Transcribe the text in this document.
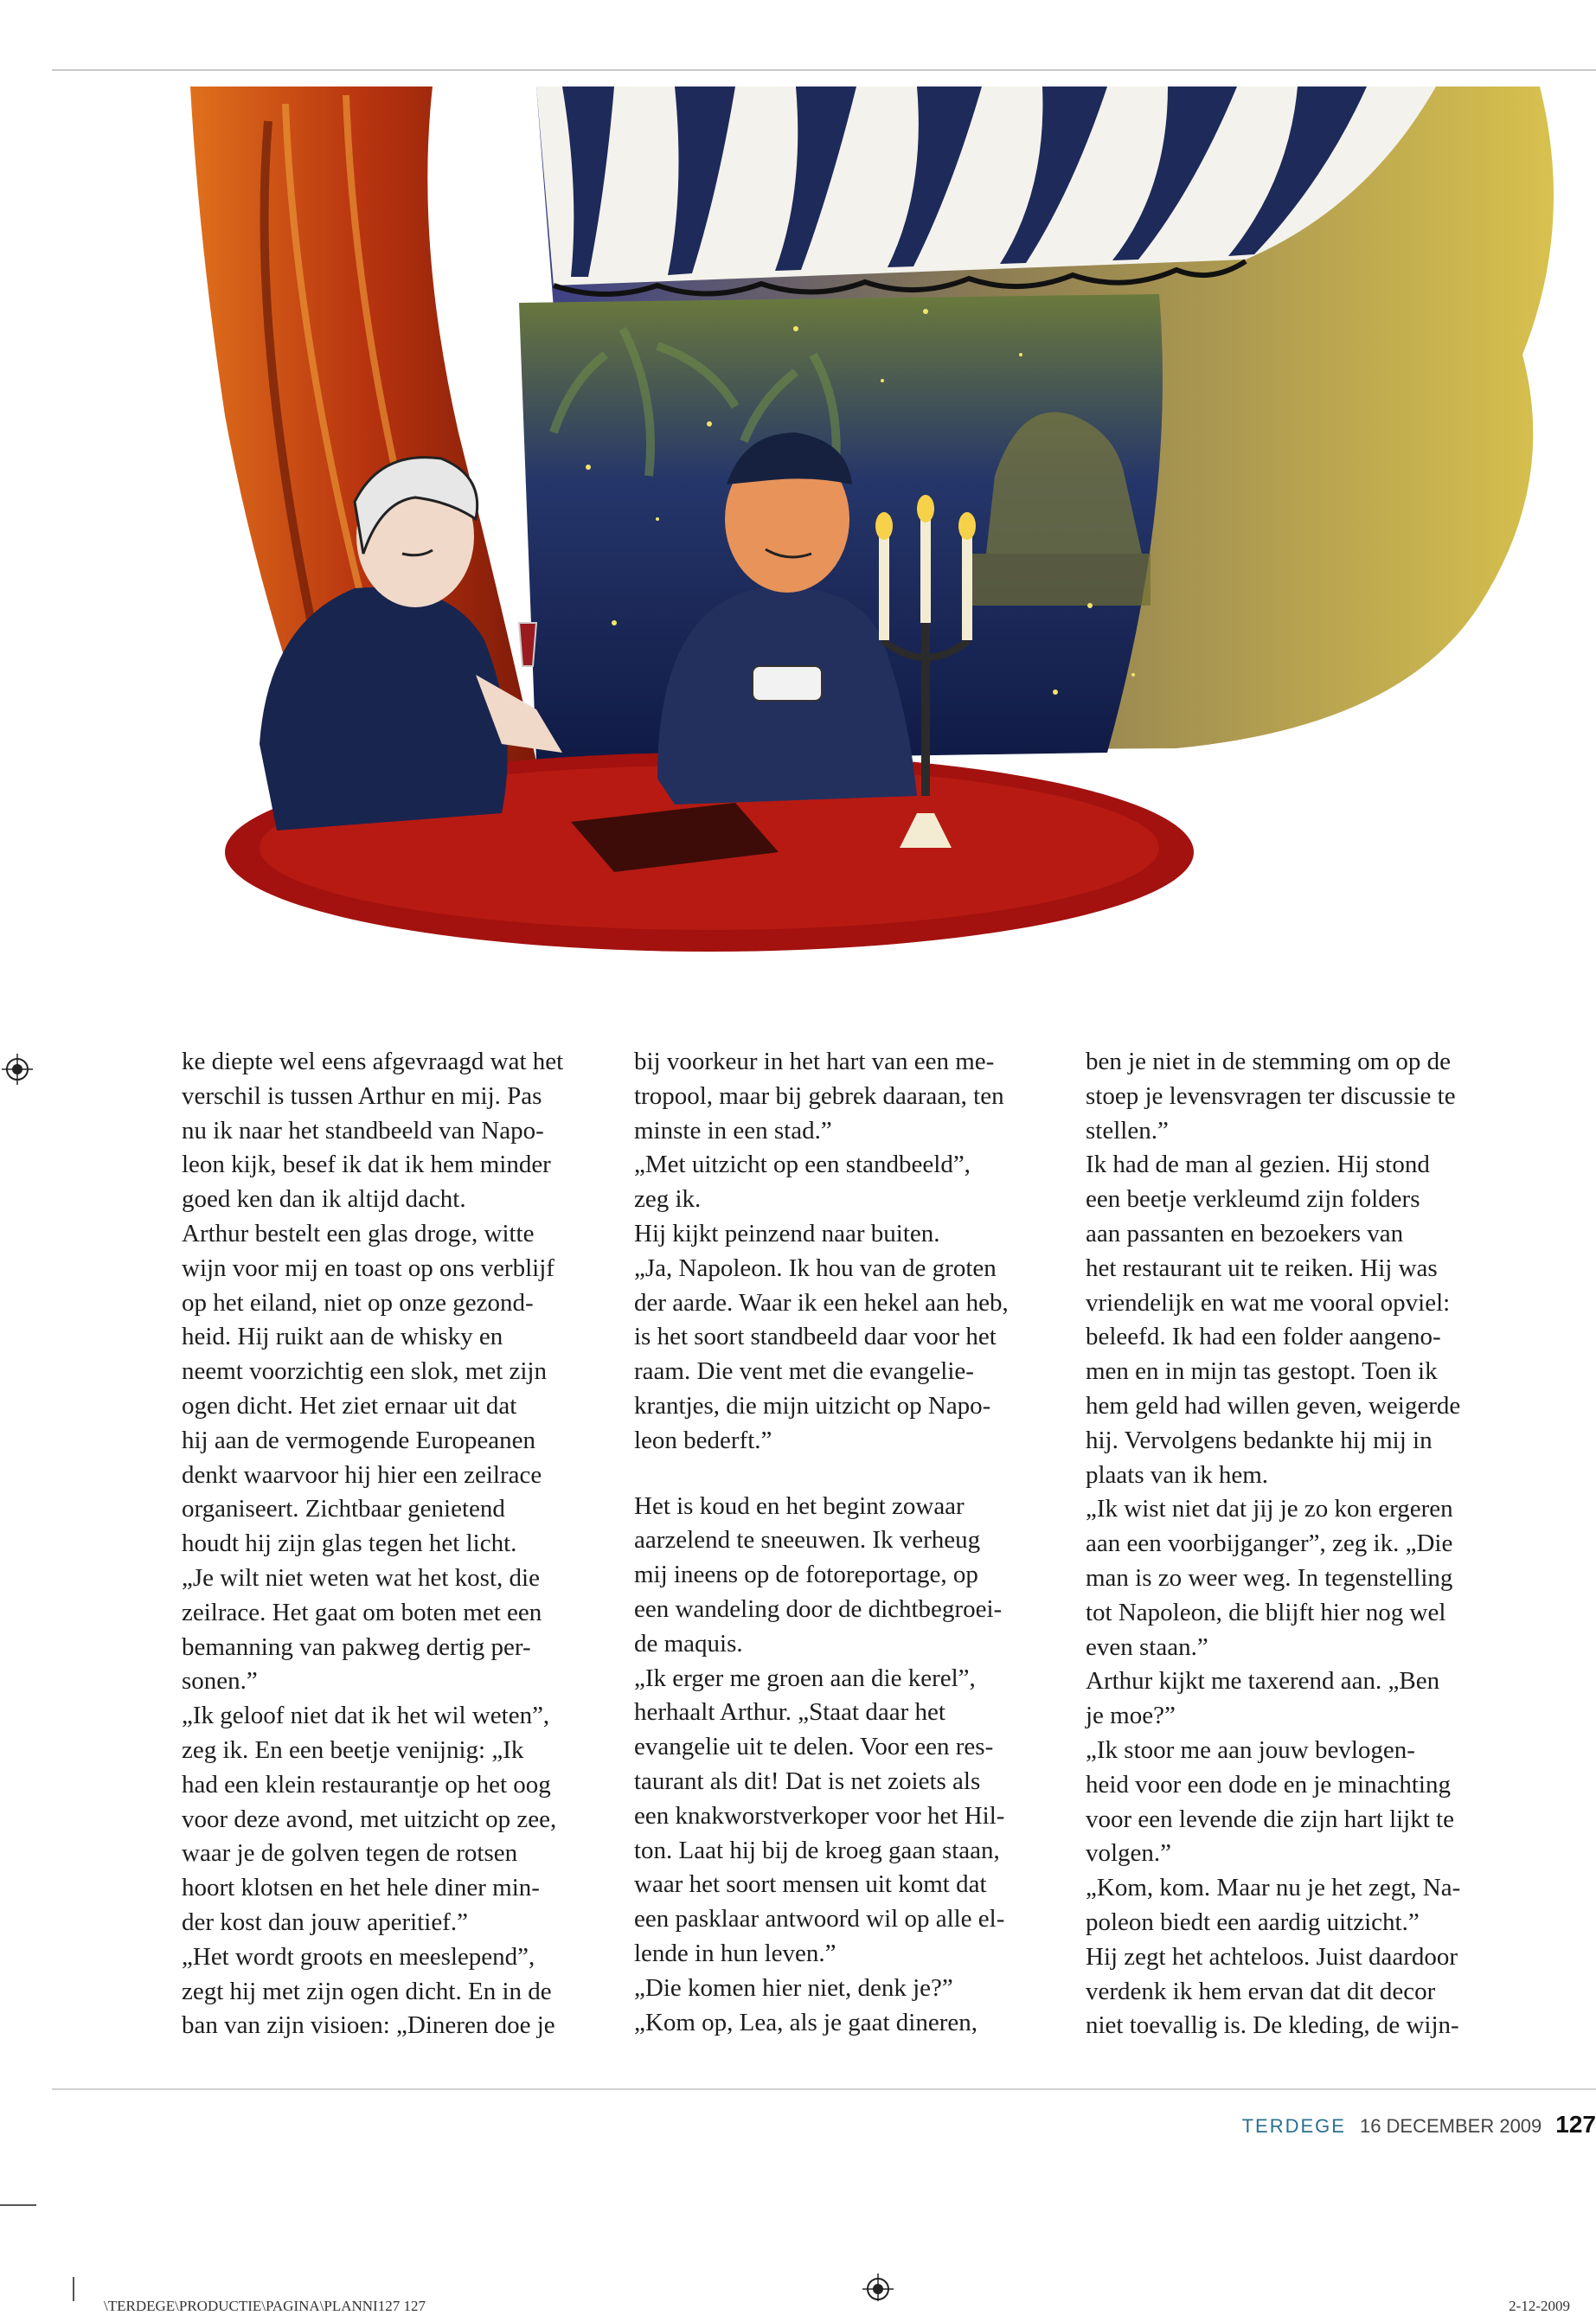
ke diepte wel eens afgevraagd wat het

verschil is tussen Arthur en mij. Pas

nu ik naar het standbeeld van Napo-

leon kijk, besef ik dat ik hem minder

goed ken dan ik altijd dacht.

Arthur bestelt een glas droge, witte

wijn voor mij en toast op ons verblijf

op het eiland, niet op onze gezond-

heid. Hij ruikt aan de whisky en

neemt voorzichtig een slok, met zijn

ogen dicht. Het ziet ernaar uit dat

hij aan de vermogende Europeanen

denkt waarvoor hij hier een zeilrace

organiseert. Zichtbaar genietend

houdt hij zijn glas tegen het licht.

„Je wilt niet weten wat het kost, die

zeilrace. Het gaat om boten met een

bemanning van pakweg dertig per-

sonen.”

„Ik geloof niet dat ik het wil weten”,

zeg ik. En een beetje venijnig: „Ik

had een klein restaurantje op het oog

voor deze avond, met uitzicht op zee,

waar je de golven tegen de rotsen

hoort klotsen en het hele diner min-

der kost dan jouw aperitief.”

„Het wordt groots en meeslepend”,

zegt hij met zijn ogen dicht. En in de

ban van zijn visioen: „Dineren doe je

bij voorkeur in het hart van een me-

tropool, maar bij gebrek daaraan, ten

minste in een stad.”

„Met uitzicht op een standbeeld”,

zeg ik.

Hij kijkt peinzend naar buiten.

„Ja, Napoleon. Ik hou van de groten

der aarde. Waar ik een hekel aan heb,

is het soort standbeeld daar voor het

raam. Die vent met die evangelie-

krantjes, die mijn uitzicht op Napo-

leon bederft.”

Het is koud en het begint zowaar

aarzelend te sneeuwen. Ik verheug

mij ineens op de fotoreportage, op

een wandeling door de dichtbegroei-

de maquis.

„Ik erger me groen aan die kerel”,

herhaalt Arthur. „Staat daar het

evangelie uit te delen. Voor een res-

taurant als dit! Dat is net zoiets als

een knakworstverkoper voor het Hil-

ton. Laat hij bij de kroeg gaan staan,

waar het soort mensen uit komt dat

een pasklaar antwoord wil op alle el-

lende in hun leven.”

„Die komen hier niet, denk je?”

„Kom op, Lea, als je gaat dineren,

ben je niet in de stemming om op de

stoep je levensvragen ter discussie te

stellen.”

Ik had de man al gezien. Hij stond

een beetje verkleumd zijn folders

aan passanten en bezoekers van

het restaurant uit te reiken. Hij was

vriendelijk en wat me vooral opviel:

beleefd. Ik had een folder aangeno-

men en in mijn tas gestopt. Toen ik

hem geld had willen geven, weigerde

hij. Vervolgens bedankte hij mij in

plaats van ik hem.

„Ik wist niet dat jij je zo kon ergeren

aan een voorbijganger”, zeg ik. „Die

man is zo weer weg. In tegenstelling

tot Napoleon, die blijft hier nog wel

even staan.”

Arthur kijkt me taxerend aan. „Ben

je moe?”

„Ik stoor me aan jouw bevlogen-

heid voor een dode en je minachting

voor een levende die zijn hart lijkt te

volgen.”

„Kom, kom. Maar nu je het zegt, Na-

poleon biedt een aardig uitzicht.”

Hij zegt het achteloos. Juist daardoor

verdenk ik hem ervan dat dit decor

niet toevallig is. De kleding, de wijn-

TERDEGE 16 DECEMBER 2009 127
\TERDEGE\PRODUCTIE\PAGINA\PLANNI127 127	2-12-2009
